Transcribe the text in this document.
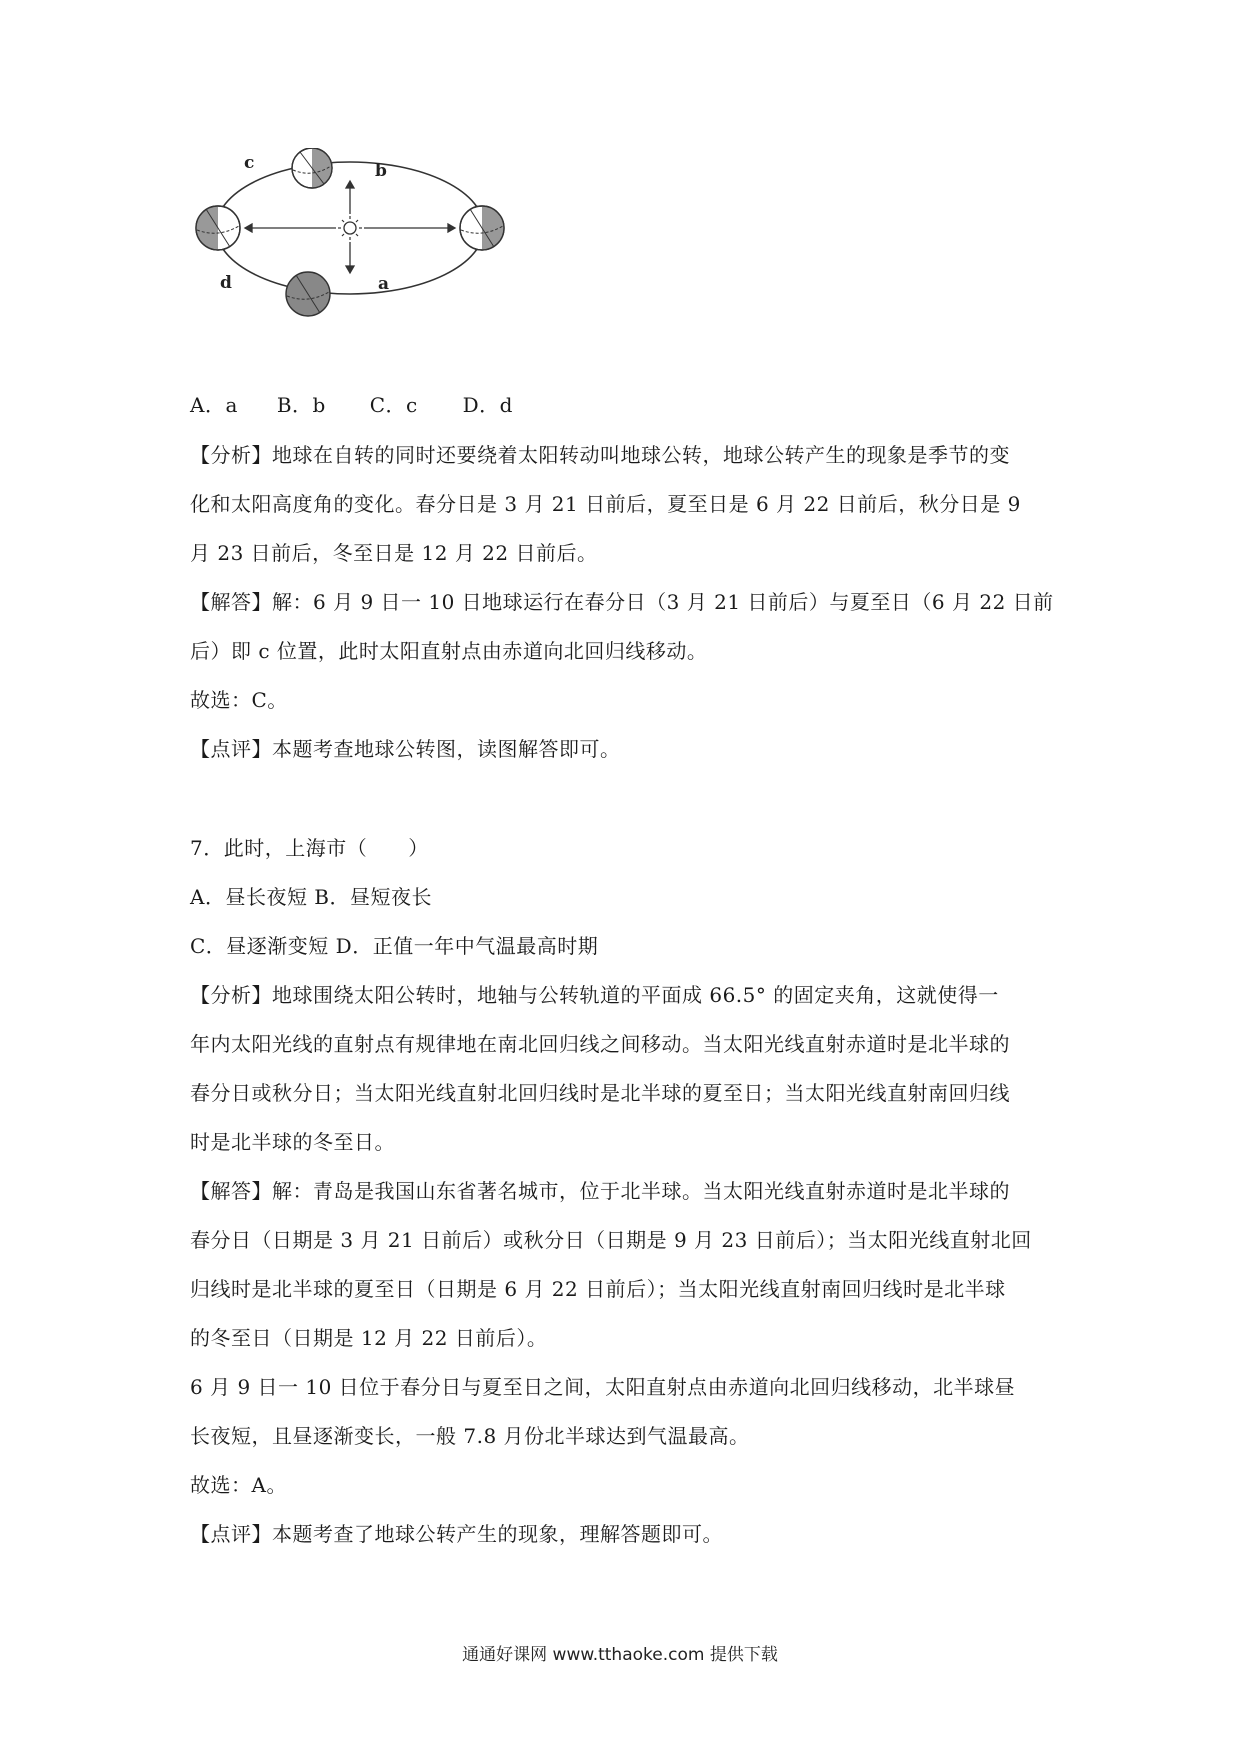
c	b
d	a
A．a B．b C．c D．d
【分析】地球在自转的同时还要绕着太阳转动叫地球公转，地球公转产生的现象是季节的变
化和太阳高度角的变化。春分日是 3 月 21 日前后，夏至日是 6 月 22 日前后，秋分日是 9
月 23 日前后，冬至日是 12 月 22 日前后。
【解答】解：6 月 9 日一 10 日地球运行在春分日（3 月 21 日前后）与夏至日（6 月 22 日前
后）即 c 位置，此时太阳直射点由赤道向北回归线移动。
故选：C。
【点评】本题考查地球公转图，读图解答即可。
7．此时，上海市（　　）
A．昼长夜短 B．昼短夜长
C．昼逐渐变短 D．正值一年中气温最高时期
【分析】地球围绕太阳公转时，地轴与公转轨道的平面成 66.5° 的固定夹角，这就使得一
年内太阳光线的直射点有规律地在南北回归线之间移动。当太阳光线直射赤道时是北半球的
春分日或秋分日；当太阳光线直射北回归线时是北半球的夏至日；当太阳光线直射南回归线
时是北半球的冬至日。
【解答】解：青岛是我国山东省著名城市，位于北半球。当太阳光线直射赤道时是北半球的
春分日（日期是 3 月 21 日前后）或秋分日（日期是 9 月 23 日前后）；当太阳光线直射北回
归线时是北半球的夏至日（日期是 6 月 22 日前后）；当太阳光线直射南回归线时是北半球
的冬至日（日期是 12 月 22 日前后）。
6 月 9 日一 10 日位于春分日与夏至日之间，太阳直射点由赤道向北回归线移动，北半球昼
长夜短，且昼逐渐变长，一般 7.8 月份北半球达到气温最高。
故选：A。
【点评】本题考查了地球公转产生的现象，理解答题即可。
通通好课网 www.tthaoke.com 提供下载
